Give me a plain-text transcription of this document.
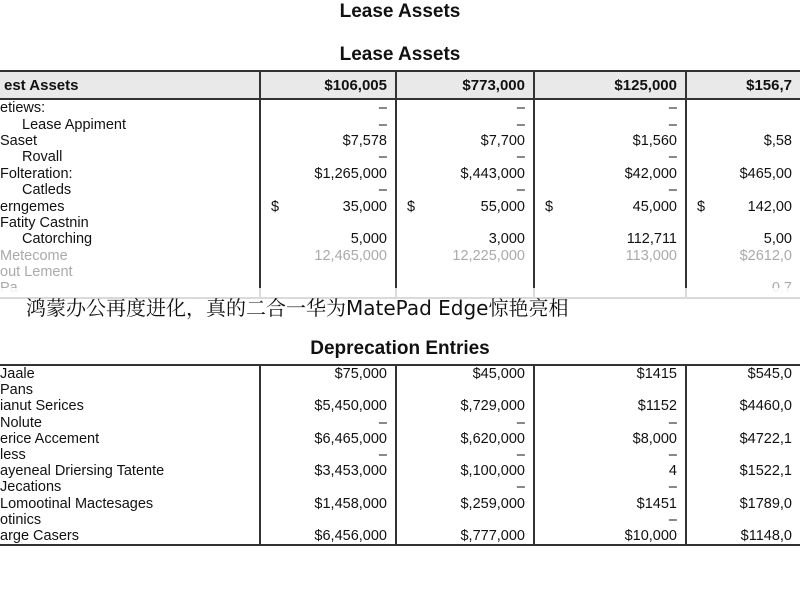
Lease Assets
Lease Assets
est Assets	$106,005	$773,000	$125,000	$156,7
etiews:	–	–	–	
Lease Appiment	–	–	–	
Saset	$7,578	$7,700	$1,560	$,58
Rovall	–	–	–	
Folteration:	$1,265,000	$,443,000	$42,000	$465,00
Catleds	–	–	–	
erngemes	$ 35,000	$ 55,000	$ 45,000	$ 142,00
Fatity Castnin				
Catorching	5,000	3,000	112,711	5,00
Metecome	12,465,000	12,225,000	113,000	$2612,0
out Lement				

鸿蒙办公再度进化，真的二合一华为MatePad Edge惊艳亮相
Deprecation Entries
Jaale	$75,000	$45,000	$1415	$545,0
Pans				
ianut Serices	$5,450,000	$,729,000	$1152	$4460,0
Nolute	–	–	–	
erice Accement	$6,465,000	$,620,000	$8,000	$4722,1
less	–	–	–	
ayeneal Driersing Tatente	$3,453,000	$,100,000	4	$1522,1
Jecations		–	–	
Lomootinal Mactesages	$1,458,000	$,259,000	$1451	$1789,0
otinics			–	
arge Casers	$6,456,000	$,777,000	$10,000	$1148,0
